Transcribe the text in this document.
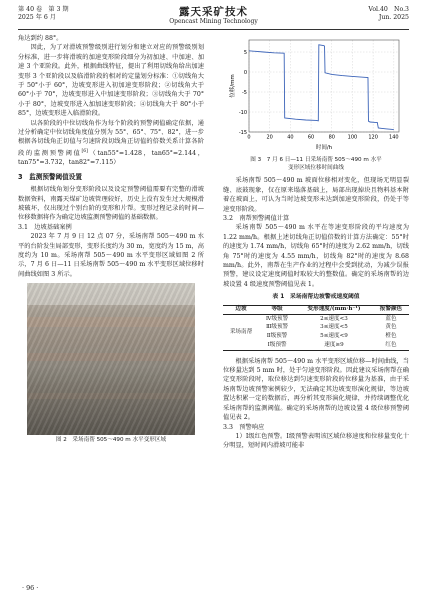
第 40 卷　第 3 期
2025 年 6 月	露天采矿技术
Opencast Mining Technology
Vol.40　No.3
Jun. 2025

角达到约 88°。

因此，为了对滑坡预警级别进行划分和建立对应的预警级别划分标准，进一步将滑坡的加速变形阶段细分为初加速、中加速、加速 3 个亚阶段。此外，根据曲线特征，提出了利用切线角给出加速变形 3 个亚阶段以及临滑阶段的相对的定量划分标准：①切线角大于 50°小于 60°，边坡变形进入初加速变形阶段；②切线角大于 60°小于 70°，边坡变形进入中加速变形阶段；③切线角大于 70°小于 80°，边坡变形进入加加速变形阶段；④切线角大于 80°小于 85°，边坡变形进入临滑阶段。

以各阶段的中位切线角作为每个阶段的预警阈值确定依据，通过分析确定中位切线角度值分别为 55°、65°、75°、82°，进一步根据各切线角正切值与匀速阶段切线角正切值的倍数关系计算各阶段的监测预警阈值[6]（tan55°=1.428，tan65°=2.144，tan75°=3.732，tan82°=7.115）

3　监测预警阈值设置

根据切线角划分变形阶段以及设定预警阈值需要有完整的滑坡数据资料，南露天煤矿边坡管理较好，历史上没有发生过大规模滑坡破坏，仅出现过个别台阶的变形和片帮。变形过程记录的时间—位移数据将作为确定边坡监测预警阈值的基础数据。

3.1　边坡基础案例

2023 年 7 月 9 日 12 点 07 分，采场南帮 505～490 m 水平的台阶发生局部变形，变形长度约为 30 m，宽度约为 15 m，高度约为 10 m。采场南帮 505～490 m 水平变形区域如图 2 所示，7 月 6 日—11 日采场南帮 505～490 m 水平变形区域位移时间曲线如图 3 所示。

图 2　采场南帮 505～490 m 水平变形区域
-15
-10
-5
0
5
0	20	40	60	80	100 120 140
位移/mm
时间/h
图 3　7 月 6 日—11 日采场南帮 505～490 m 水平
变形区域位移时间曲线

采场南帮 505～490 m 坡面位移相对变化，但现场无明显裂缝、底鼓现象，仅在原来塌落基础上，局部出现掉块且物料基本附着在坡面上，可认为当时边坡变形未达到加速变形阶段，仍处于等速变形阶段。

3.2　南帮预警阈值计算

采场南帮 505～490 m 水平在等速变形阶段的平均速度为 1.22 mm/h。根据上述切线角正切值倍数的计算方法确定：55°时的速度为 1.74 mm/h，切线角 65°时的速度为 2.62 mm/h，切线角 75°时的速度为 4.55 mm/h，切线角 82°时的速度为 8.68 mm/h。此外，南帮在生产作业的过程中会受到扰动，为减少误报预警，建议设定速度阈值时取较大的整数值。确定的采场南帮的边坡设置 4 级速度预警阈值见表 1。

表 1　采场南帮边坡警戒速度阈值
边坡	等级	变形速度/(mm·h⁻¹)	报警颜色
采场南帮	Ⅳ级预警	2≤速度<3	蓝色
	Ⅲ级预警	3≤速度<5	黄色
	Ⅱ级预警	5≤速度<9	橙色
	Ⅰ级预警	速度≥9	红色

根据采场南帮 505～490 m 水平变形区域位移—时间曲线，当位移量达到 5 mm 时，处于匀速变形阶段。因此建议采场南帮在确定变形阶段时，取位移达到匀速变形阶段的位移量为基准，由于采场南帮边坡预警案例较少，无法确定其边坡变形演化规律，等边坡置达积累一定的数据后，再分析其变形演化规律，并持续调整优化采场南帮的监测阈值。确定的采场南帮的边坡设置 4 级位移预警阈值见表 2。

3.3　预警响应

1）Ⅰ级红色预警。Ⅰ级预警表明该区域位移速度和位移量变化十分明显，短时间内滑坡可能非

· 96 ·
